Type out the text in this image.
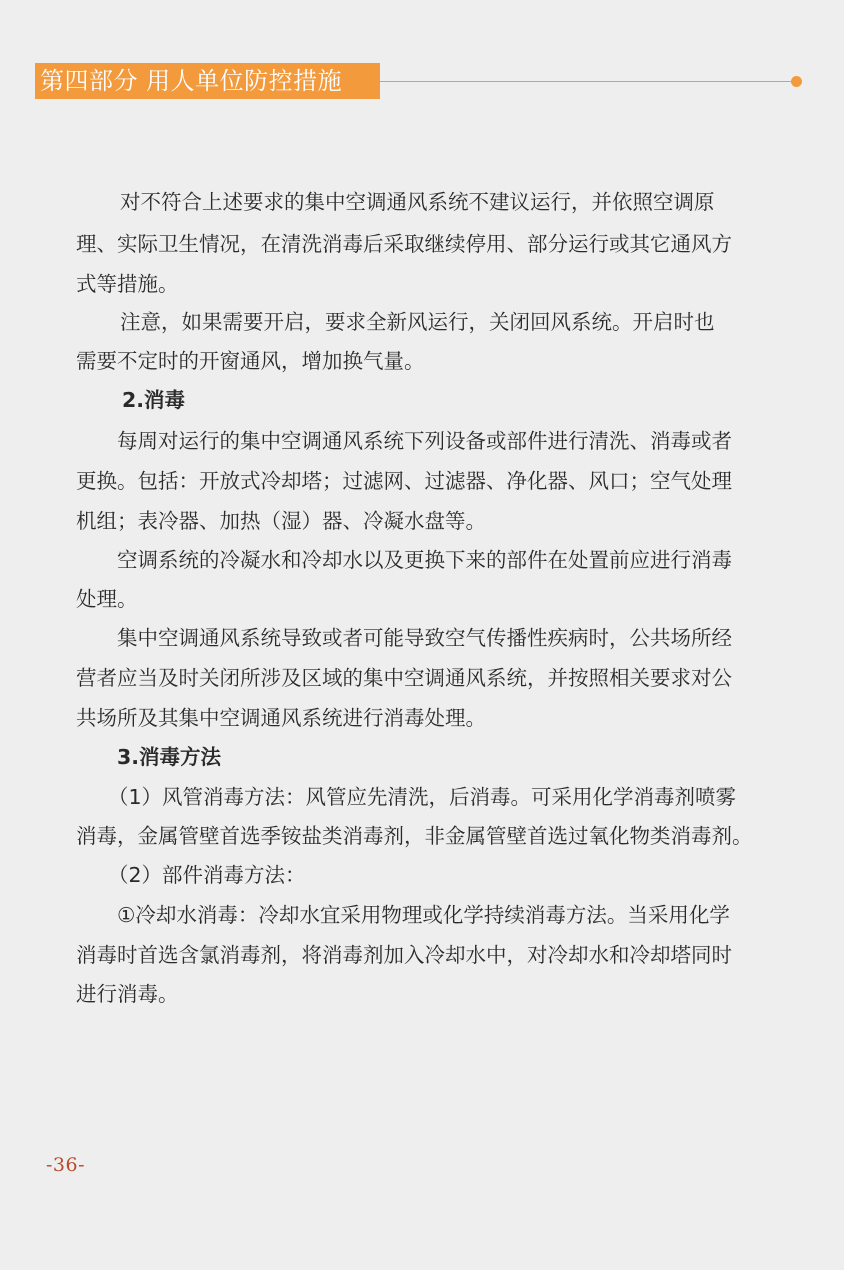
第四部分 用人单位防控措施
对不符合上述要求的集中空调通风系统不建议运行，并依照空调原
理、实际卫生情况，在清洗消毒后采取继续停用、部分运行或其它通风方
式等措施。
注意，如果需要开启，要求全新风运行，关闭回风系统。开启时也
需要不定时的开窗通风，增加换气量。
2.消毒
每周对运行的集中空调通风系统下列设备或部件进行清洗、消毒或者
更换。包括：开放式冷却塔；过滤网、过滤器、净化器、风口；空气处理
机组；表冷器、加热（湿）器、冷凝水盘等。
空调系统的冷凝水和冷却水以及更换下来的部件在处置前应进行消毒
处理。
集中空调通风系统导致或者可能导致空气传播性疾病时，公共场所经
营者应当及时关闭所涉及区域的集中空调通风系统，并按照相关要求对公
共场所及其集中空调通风系统进行消毒处理。
3.消毒方法
（1）风管消毒方法：风管应先清洗，后消毒。可采用化学消毒剂喷雾
消毒，金属管壁首选季铵盐类消毒剂，非金属管壁首选过氧化物类消毒剂。
（2）部件消毒方法：
①冷却水消毒：冷却水宜采用物理或化学持续消毒方法。当采用化学
消毒时首选含氯消毒剂，将消毒剂加入冷却水中，对冷却水和冷却塔同时
进行消毒。
-36-
